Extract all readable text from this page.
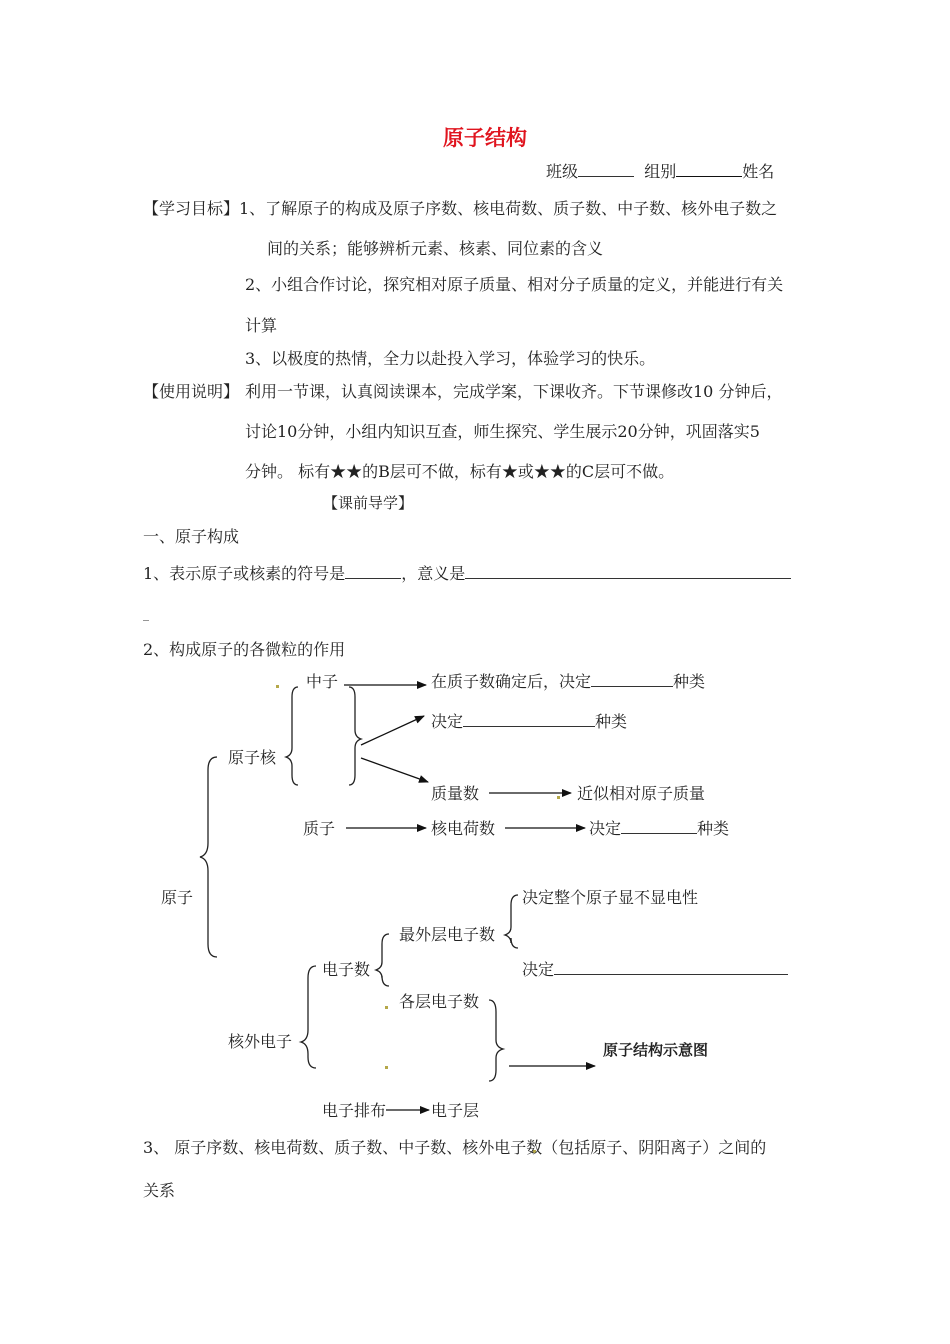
原子结构
班级	组别	姓名
【学习目标】 1、了解原子的构成及原子序数、核电荷数、质子数、中子数、核外电子数之
间的关系；能够辨析元素、核素、同位素的含义
2、小组合作讨论，探究相对原子质量、相对分子质量的定义，并能进行有关
计算
3、以极度的热情，全力以赴投入学习，体验学习的快乐。
【使用说明】 利用一节课，认真阅读课本，完成学案，下课收齐。下节课修改10 分钟后，
讨论10分钟，小组内知识互查，师生探究、学生展示20分钟，巩固落实5
分钟。 标有★★的B层可不做，标有★或★★的C层可不做。
【课前导学】
一、原子构成
1、表示原子或核素的符号是	，意义是
_
2、构成原子的各微粒的作用
原子
原子核
中子	在质子数确定后，决定	种类
决定	种类
质量数	近似相对原子质量
质子	核电荷数	决定	种类
决定整个原子显不显电性
最外层电子数
电子数	决定
各层电子数
核外电子	原子结构示意图
电子排布	电子层
3、 原子序数、核电荷数、质子数、中子数、核外电子数（包括原子、阴阳离子）之间的
关系
